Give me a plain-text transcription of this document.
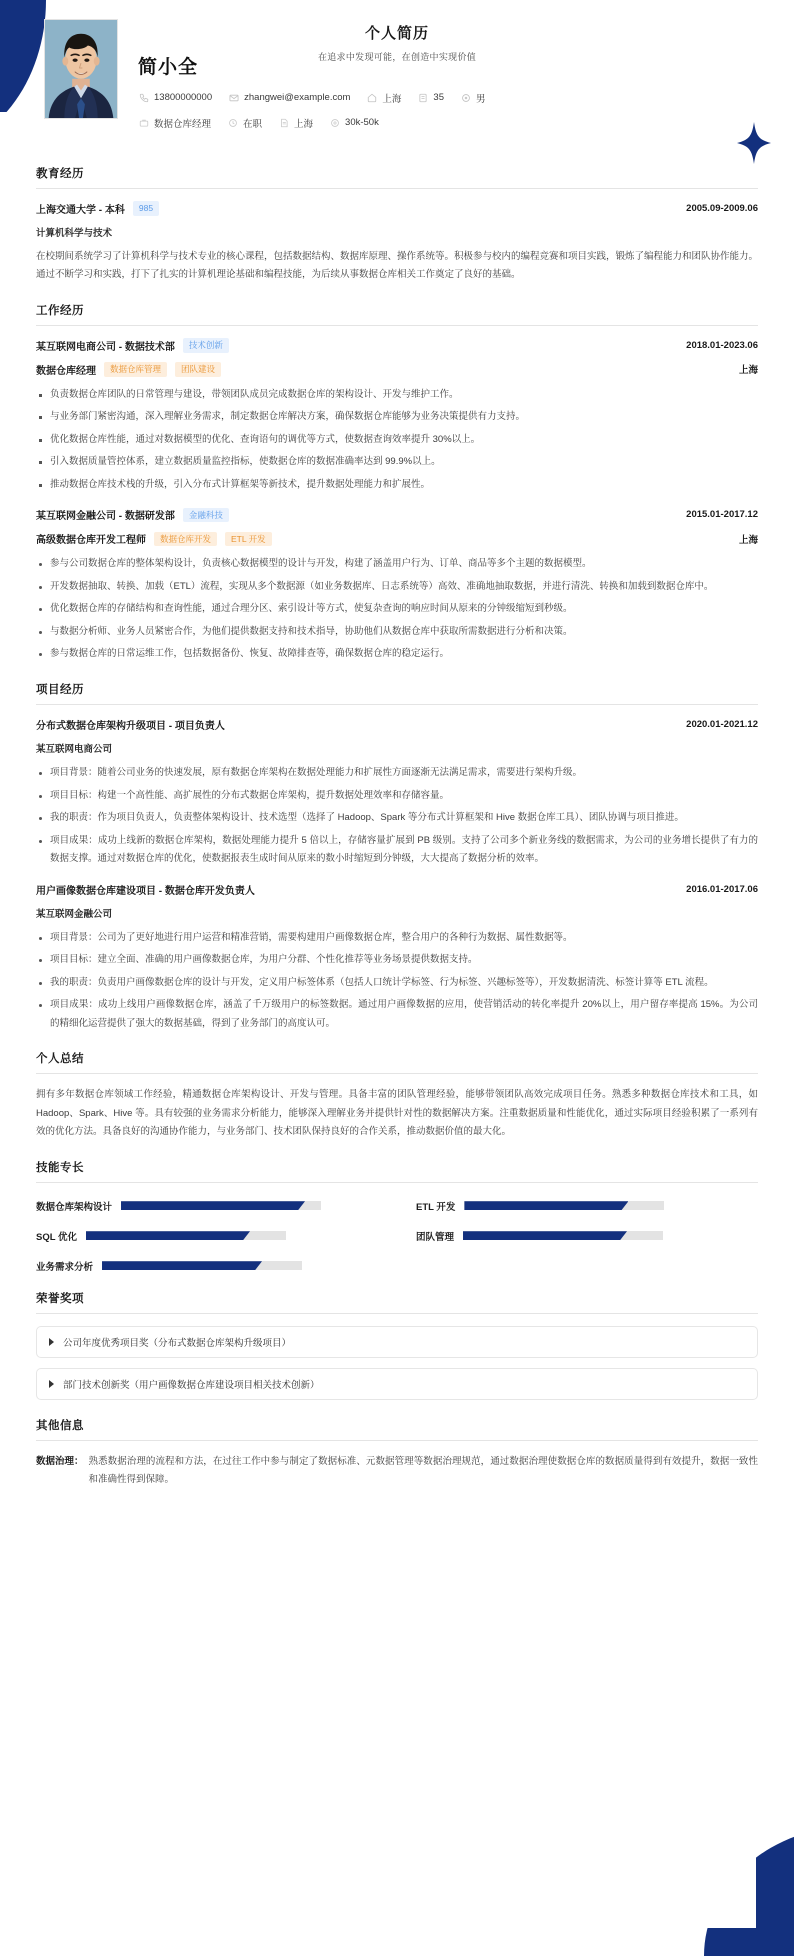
个人简历
在追求中发现可能，在创造中实现价值
简小全
13800000000	zhangwei@example.com	上海	35	男
数据仓库经理	在职	上海	30k-50k
教育经历
上海交通大学 - 本科	985	2005.09-2009.06
计算机科学与技术
在校期间系统学习了计算机科学与技术专业的核心课程，包括数据结构、数据库原理、操作系统等。积极参与校内的编程竞赛和项目实践，锻炼了编程能力和团队协作能力。通过不断学习和实践，打下了扎实的计算机理论基础和编程技能，为后续从事数据仓库相关工作奠定了良好的基础。
工作经历
某互联网电商公司 - 数据技术部	技术创新	2018.01-2023.06
数据仓库经理	数据仓库管理	团队建设	上海
负责数据仓库团队的日常管理与建设，带领团队成员完成数据仓库的架构设计、开发与维护工作。
与业务部门紧密沟通，深入理解业务需求，制定数据仓库解决方案，确保数据仓库能够为业务决策提供有力支持。
优化数据仓库性能，通过对数据模型的优化、查询语句的调优等方式，使数据查询效率提升 30%以上。
引入数据质量管控体系，建立数据质量监控指标，使数据仓库的数据准确率达到 99.9%以上。
推动数据仓库技术栈的升级，引入分布式计算框架等新技术，提升数据处理能力和扩展性。
某互联网金融公司 - 数据研发部	金融科技	2015.01-2017.12
高级数据仓库开发工程师	数据仓库开发	ETL 开发	上海
参与公司数据仓库的整体架构设计，负责核心数据模型的设计与开发，构建了涵盖用户行为、订单、商品等多个主题的数据模型。
开发数据抽取、转换、加载（ETL）流程，实现从多个数据源（如业务数据库、日志系统等）高效、准确地抽取数据，并进行清洗、转换和加载到数据仓库中。
优化数据仓库的存储结构和查询性能，通过合理分区、索引设计等方式，使复杂查询的响应时间从原来的分钟级缩短到秒级。
与数据分析师、业务人员紧密合作，为他们提供数据支持和技术指导，协助他们从数据仓库中获取所需数据进行分析和决策。
参与数据仓库的日常运维工作，包括数据备份、恢复、故障排查等，确保数据仓库的稳定运行。
项目经历
分布式数据仓库架构升级项目 - 项目负责人	2020.01-2021.12
某互联网电商公司
项目背景：随着公司业务的快速发展，原有数据仓库架构在数据处理能力和扩展性方面逐渐无法满足需求，需要进行架构升级。
项目目标：构建一个高性能、高扩展性的分布式数据仓库架构，提升数据处理效率和存储容量。
我的职责：作为项目负责人，负责整体架构设计、技术选型（选择了 Hadoop、Spark 等分布式计算框架和 Hive 数据仓库工具）、团队协调与项目推进。
项目成果：成功上线新的数据仓库架构，数据处理能力提升 5 倍以上，存储容量扩展到 PB 级别。支持了公司多个新业务线的数据需求，为公司的业务增长提供了有力的数据支撑。通过对数据仓库的优化，使数据报表生成时间从原来的数小时缩短到分钟级，大大提高了数据分析的效率。
用户画像数据仓库建设项目 - 数据仓库开发负责人	2016.01-2017.06
某互联网金融公司
项目背景：公司为了更好地进行用户运营和精准营销，需要构建用户画像数据仓库，整合用户的各种行为数据、属性数据等。
项目目标：建立全面、准确的用户画像数据仓库，为用户分群、个性化推荐等业务场景提供数据支持。
我的职责：负责用户画像数据仓库的设计与开发，定义用户标签体系（包括人口统计学标签、行为标签、兴趣标签等），开发数据清洗、标签计算等 ETL 流程。
项目成果：成功上线用户画像数据仓库，涵盖了千万级用户的标签数据。通过用户画像数据的应用，使营销活动的转化率提升 20%以上，用户留存率提高 15%。为公司的精细化运营提供了强大的数据基础，得到了业务部门的高度认可。
个人总结
拥有多年数据仓库领域工作经验，精通数据仓库架构设计、开发与管理。具备丰富的团队管理经验，能够带领团队高效完成项目任务。熟悉多种数据仓库技术和工具，如 Hadoop、Spark、Hive 等。具有较强的业务需求分析能力，能够深入理解业务并提供针对性的数据解决方案。注重数据质量和性能优化，通过实际项目经验积累了一系列有效的优化方法。具备良好的沟通协作能力，与业务部门、技术团队保持良好的合作关系，推动数据价值的最大化。
技能专长
数据仓库架构设计	ETL 开发
SQL 优化	团队管理
业务需求分析
荣誉奖项
公司年度优秀项目奖（分布式数据仓库架构升级项目）
部门技术创新奖（用户画像数据仓库建设项目相关技术创新）
其他信息
数据治理： 熟悉数据治理的流程和方法，在过往工作中参与制定了数据标准、元数据管理等数据治理规范，通过数据治理使数据仓库的数据质量得到有效提升，数据一致性和准确性得到保障。
